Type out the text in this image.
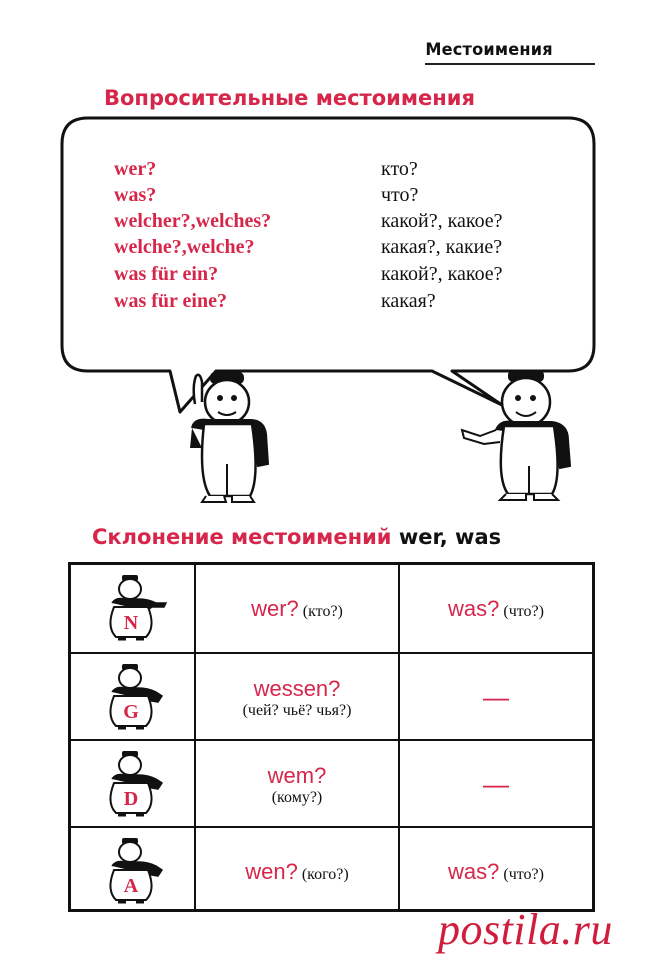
Местоимения
Вопросительные местоимения
wer?	кто?
was?	что?
welcher?,welches?	какой?, какое?
welche?,welche?	какая?, какие?
was für ein?	какой?, какое?
was für eine?	какая?
Склонение местоимений wer, was
N
wer? (кто?)	was? (что?)
G
wessen?
(чей? чьё? чья?)	—
D
wem?
(кому?)	—
A
wen? (кого?)	was? (что?)
postila.ru
